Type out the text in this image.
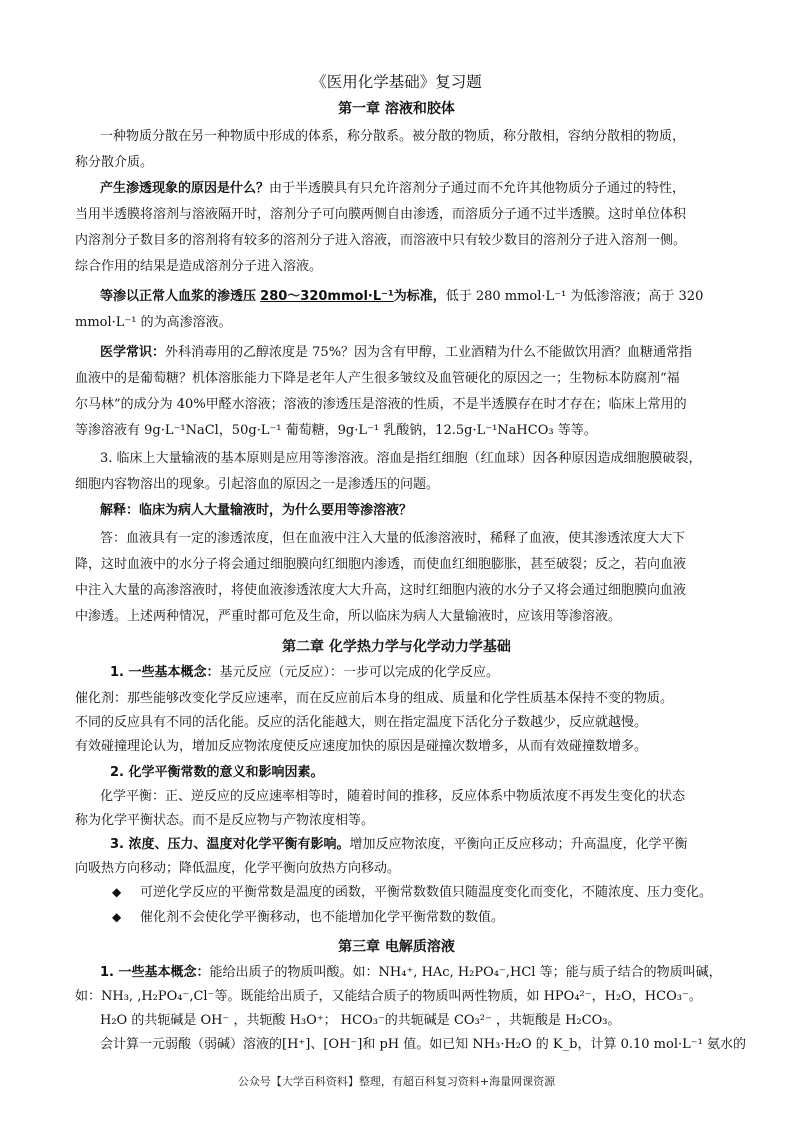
《医用化学基础》复习题
第一章 溶液和胶体
一种物质分散在另一种物质中形成的体系，称分散系。被分散的物质，称分散相，容纳分散相的物质，
称分散介质。
产生渗透现象的原因是什么？由于半透膜具有只允许溶剂分子通过而不允许其他物质分子通过的特性，
当用半透膜将溶剂与溶液隔开时，溶剂分子可向膜两侧自由渗透，而溶质分子通不过半透膜。这时单位体积
内溶剂分子数目多的溶剂将有较多的溶剂分子进入溶液，而溶液中只有较少数目的溶剂分子进入溶剂一侧。
综合作用的结果是造成溶剂分子进入溶液。
等渗以正常人血浆的渗透压 280～320mmol·L⁻¹为标准，低于 280 mmol·L⁻¹ 为低渗溶液；高于 320
mmol·L⁻¹ 的为高渗溶液。
医学常识：外科消毒用的乙醇浓度是 75%？因为含有甲醇，工业酒精为什么不能做饮用酒？血糖通常指
血液中的是葡萄糖？机体溶胀能力下降是老年人产生很多皱纹及血管硬化的原因之一；生物标本防腐剂“福
尔马林”的成分为 40%甲醛水溶液；溶液的渗透压是溶液的性质，不是半透膜存在时才存在；临床上常用的
等渗溶液有 9g·L⁻¹NaCl，50g·L⁻¹ 葡萄糖，9g·L⁻¹ 乳酸钠，12.5g·L⁻¹NaHCO₃ 等等。
3. 临床上大量输液的基本原则是应用等渗溶液。溶血是指红细胞（红血球）因各种原因造成细胞膜破裂，
细胞内容物溶出的现象。引起溶血的原因之一是渗透压的问题。
解释：临床为病人大量输液时，为什么要用等渗溶液？
答：血液具有一定的渗透浓度，但在血液中注入大量的低渗溶液时，稀释了血液，使其渗透浓度大大下
降，这时血液中的水分子将会通过细胞膜向红细胞内渗透，而使血红细胞膨胀，甚至破裂；反之，若向血液
中注入大量的高渗溶液时，将使血液渗透浓度大大升高，这时红细胞内液的水分子又将会通过细胞膜向血液
中渗透。上述两种情况，严重时都可危及生命，所以临床为病人大量输液时，应该用等渗溶液。
第二章 化学热力学与化学动力学基础
1. 一些基本概念：基元反应（元反应）：一步可以完成的化学反应。
催化剂：那些能够改变化学反应速率，而在反应前后本身的组成、质量和化学性质基本保持不变的物质。
不同的反应具有不同的活化能。反应的活化能越大，则在指定温度下活化分子数越少，反应就越慢。
有效碰撞理论认为，增加反应物浓度使反应速度加快的原因是碰撞次数增多，从而有效碰撞数增多。
2. 化学平衡常数的意义和影响因素。
化学平衡：正、逆反应的反应速率相等时，随着时间的推移，反应体系中物质浓度不再发生变化的状态
称为化学平衡状态。而不是反应物与产物浓度相等。
3. 浓度、压力、温度对化学平衡有影响。增加反应物浓度，平衡向正反应移动；升高温度，化学平衡
向吸热方向移动；降低温度，化学平衡向放热方向移动。
◆ 可逆化学反应的平衡常数是温度的函数，平衡常数数值只随温度变化而变化，不随浓度、压力变化。
◆ 催化剂不会使化学平衡移动，也不能增加化学平衡常数的数值。
第三章 电解质溶液
1. 一些基本概念：能给出质子的物质叫酸。如：NH₄⁺, HAc, H₂PO₄⁻,HCl 等；能与质子结合的物质叫碱，
如：NH₃, ,H₂PO₄⁻,Cl⁻等。既能给出质子，又能结合质子的物质叫两性物质，如 HPO₄²⁻，H₂O，HCO₃⁻。
H₂O 的共轭碱是 OH⁻ ，共轭酸 H₃O⁺； HCO₃⁻的共轭碱是 CO₃²⁻ ，共轭酸是 H₂CO₃。
会计算一元弱酸（弱碱）溶液的[H⁺]、[OH⁻]和 pH 值。如已知 NH₃·H₂O 的 K_b，计算 0.10 mol·L⁻¹ 氨水的
公众号【大学百科资料】整理，有超百科复习资料+海量网课资源
